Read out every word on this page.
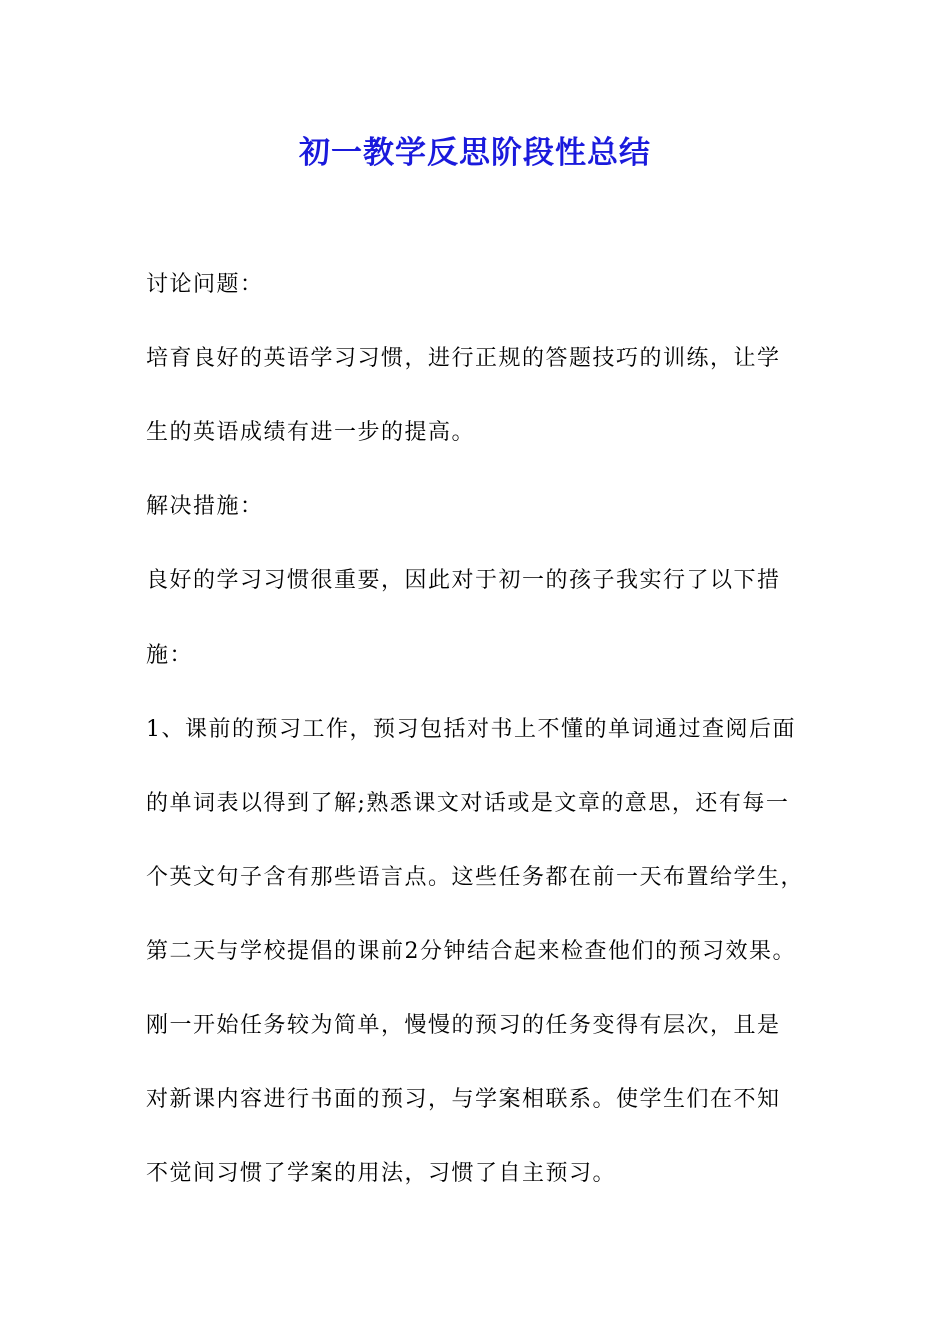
初一教学反思阶段性总结
讨论问题：
培育良好的英语学习习惯，进行正规的答题技巧的训练，让学
生的英语成绩有进一步的提高。
解决措施：
良好的学习习惯很重要，因此对于初一的孩子我实行了以下措
施：
1、课前的预习工作，预习包括对书上不懂的单词通过查阅后面
的单词表以得到了解;熟悉课文对话或是文章的意思，还有每一
个英文句子含有那些语言点。这些任务都在前一天布置给学生，
第二天与学校提倡的课前2分钟结合起来检查他们的预习效果。
刚一开始任务较为简单，慢慢的预习的任务变得有层次，且是
对新课内容进行书面的预习，与学案相联系。使学生们在不知
不觉间习惯了学案的用法，习惯了自主预习。
